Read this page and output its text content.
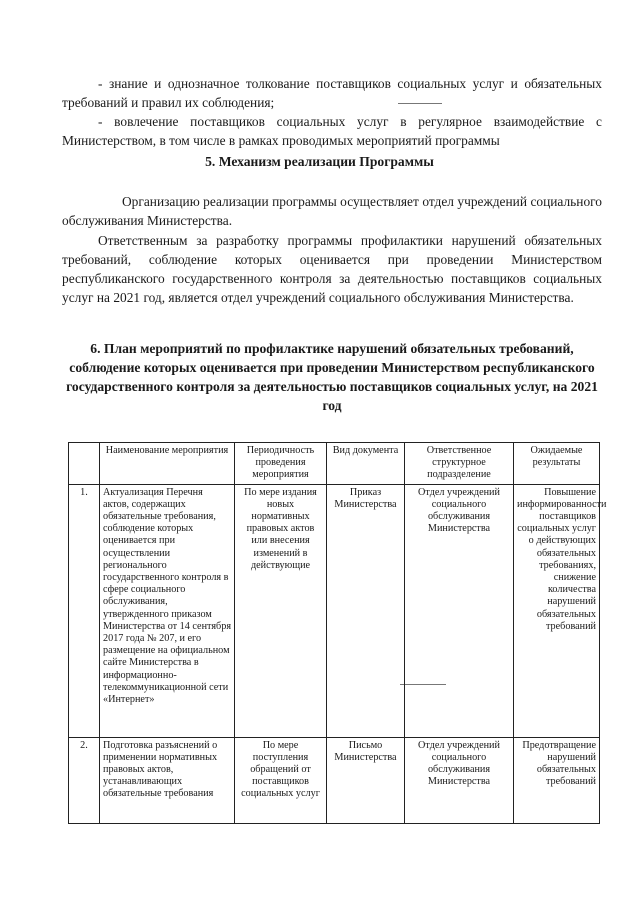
- знание и однозначное толкование поставщиков социальных услуг и обязательных требований и правил их соблюдения;

- вовлечение поставщиков социальных услуг в регулярное взаимодействие с Министерством, в том числе в рамках проводимых мероприятий программы

5. Механизм реализации Программы

Организацию реализации программы осуществляет отдел учреждений социального обслуживания Министерства.

Ответственным за разработку программы профилактики нарушений обязательных требований, соблюдение которых оценивается при проведении Министерством республиканского государственного контроля за деятельностью поставщиков социальных услуг на 2021 год, является отдел учреждений социального обслуживания Министерства.

6. План мероприятий по профилактике нарушений обязательных требований, соблюдение которых оценивается при проведении Министерством республиканского государственного контроля за деятельностью поставщиков социальных услуг, на 2021 год

	Наименование мероприятия	Периодичность проведения мероприятия	Вид документа	Ответственное структурное подразделение	Ожидаемые результаты
1.	Актуализация Перечня актов, содержащих обязательные требования, соблюдение которых оценивается при осуществлении регионального государственного контроля в сфере социального обслуживания, утвержденного приказом Министерства от 14 сентября 2017 года № 207, и его размещение на официальном сайте Министерства в информационно-телекоммуникационной сети «Интернет»	По мере издания новых нормативных правовых актов или внесения изменений в действующие	Приказ Министерства	Отдел учреждений социального обслуживания Министерства	Повышение информированности поставщиков социальных услуг о действующих обязательных требованиях, снижение количества нарушений обязательных требований
2.	Подготовка разъяснений о применении нормативных правовых актов, устанавливающих обязательные требования	По мере поступления обращений от поставщиков социальных услуг	Письмо Министерства	Отдел учреждений социального обслуживания Министерства	Предотвращение нарушений обязательных требований
